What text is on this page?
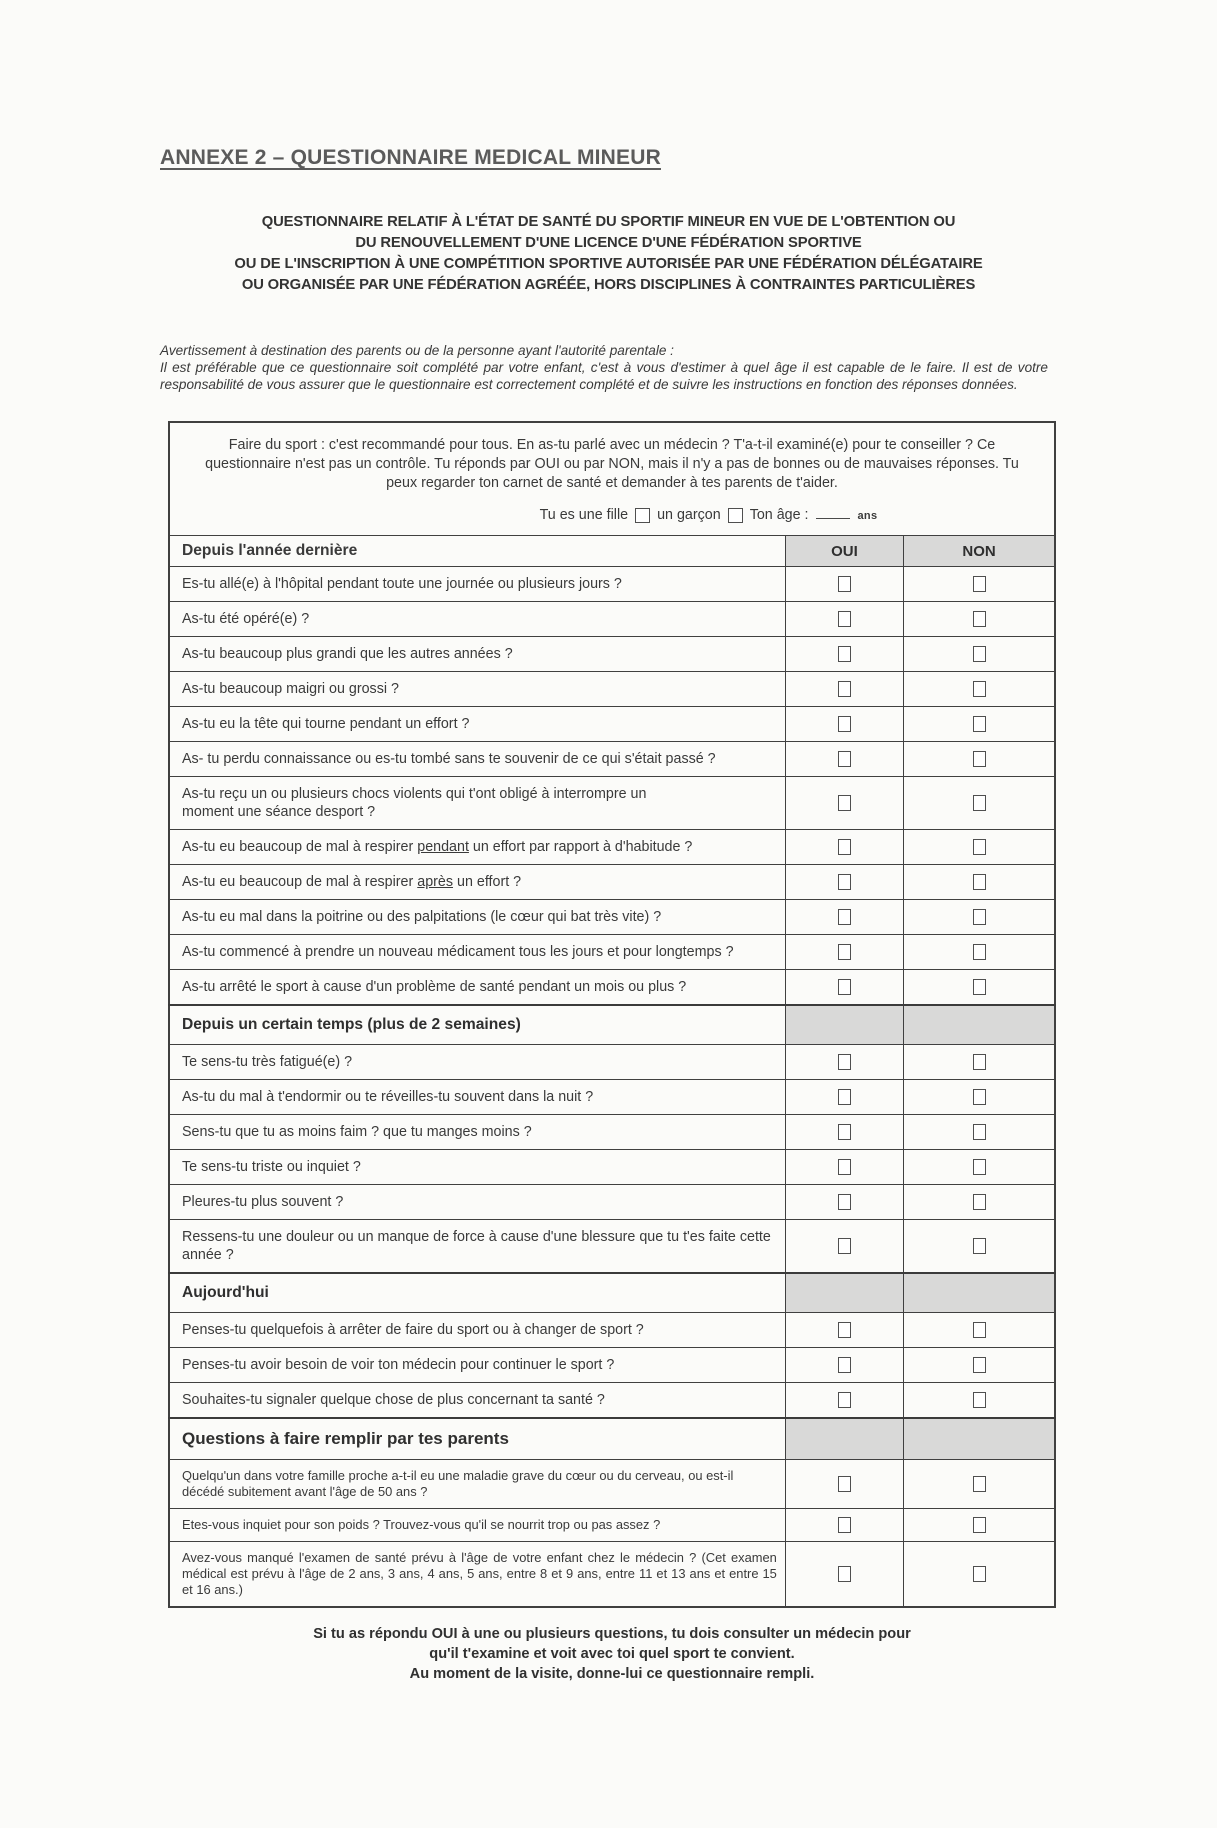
ANNEXE 2 – QUESTIONNAIRE MEDICAL MINEUR
QUESTIONNAIRE RELATIF À L'ÉTAT DE SANTÉ DU SPORTIF MINEUR EN VUE DE L'OBTENTION OU
DU RENOUVELLEMENT D'UNE LICENCE D'UNE FÉDÉRATION SPORTIVE
OU DE L'INSCRIPTION À UNE COMPÉTITION SPORTIVE AUTORISÉE PAR UNE FÉDÉRATION DÉLÉGATAIRE
OU ORGANISÉE PAR UNE FÉDÉRATION AGRÉÉE, HORS DISCIPLINES À CONTRAINTES PARTICULIÈRES
Avertissement à destination des parents ou de la personne ayant l'autorité parentale :
Il est préférable que ce questionnaire soit complété par votre enfant, c'est à vous d'estimer à quel âge il est capable de le faire. Il est de votre responsabilité de vous assurer que le questionnaire est correctement complété et de suivre les instructions en fonction des réponses données.
Faire du sport : c'est recommandé pour tous. En as-tu parlé avec un médecin ? T'a-t-il examiné(e) pour te conseiller ? Ce questionnaire n'est pas un contrôle. Tu réponds par OUI ou par NON, mais il n'y a pas de bonnes ou de mauvaises réponses. Tu peux regarder ton carnet de santé et demander à tes parents de t'aider.
Tu es une fille un garçon Ton âge : ans		

Depuis l'année dernière	OUI	NON
Es-tu allé(e) à l'hôpital pendant toute une journée ou plusieurs jours ?		
As-tu été opéré(e) ?		
As-tu beaucoup plus grandi que les autres années ?		
As-tu beaucoup maigri ou grossi ?		
As-tu eu la tête qui tourne pendant un effort ?		
As- tu perdu connaissance ou es-tu tombé sans te souvenir de ce qui s'était passé ?		
As-tu reçu un ou plusieurs chocs violents qui t'ont obligé à interrompre un moment une séance desport ?		
As-tu eu beaucoup de mal à respirer pendant un effort par rapport à d'habitude ?		
As-tu eu beaucoup de mal à respirer après un effort ?		
As-tu eu mal dans la poitrine ou des palpitations (le cœur qui bat très vite) ?		
As-tu commencé à prendre un nouveau médicament tous les jours et pour longtemps ?		
As-tu arrêté le sport à cause d'un problème de santé pendant un mois ou plus ?		
Depuis un certain temps (plus de 2 semaines)		
Te sens-tu très fatigué(e) ?		
As-tu du mal à t'endormir ou te réveilles-tu souvent dans la nuit ?		
Sens-tu que tu as moins faim ? que tu manges moins ?		
Te sens-tu triste ou inquiet ?		
Pleures-tu plus souvent ?		
Ressens-tu une douleur ou un manque de force à cause d'une blessure que tu t'es faite cette année ?		
Aujourd'hui		
Penses-tu quelquefois à arrêter de faire du sport ou à changer de sport ?		
Penses-tu avoir besoin de voir ton médecin pour continuer le sport ?		
Souhaites-tu signaler quelque chose de plus concernant ta santé ?		
Questions à faire remplir par tes parents		
Quelqu'un dans votre famille proche a-t-il eu une maladie grave du cœur ou du cerveau, ou est-il décédé subitement avant l'âge de 50 ans ?		
Etes-vous inquiet pour son poids ? Trouvez-vous qu'il se nourrit trop ou pas assez ?		
Avez-vous manqué l'examen de santé prévu à l'âge de votre enfant chez le médecin ? (Cet examen médical est prévu à l'âge de 2 ans, 3 ans, 4 ans, 5 ans, entre 8 et 9 ans, entre 11 et 13 ans et entre 15 et 16 ans.)		
Si tu as répondu OUI à une ou plusieurs questions, tu dois consulter un médecin pour
qu'il t'examine et voit avec toi quel sport te convient.
Au moment de la visite, donne-lui ce questionnaire rempli.
